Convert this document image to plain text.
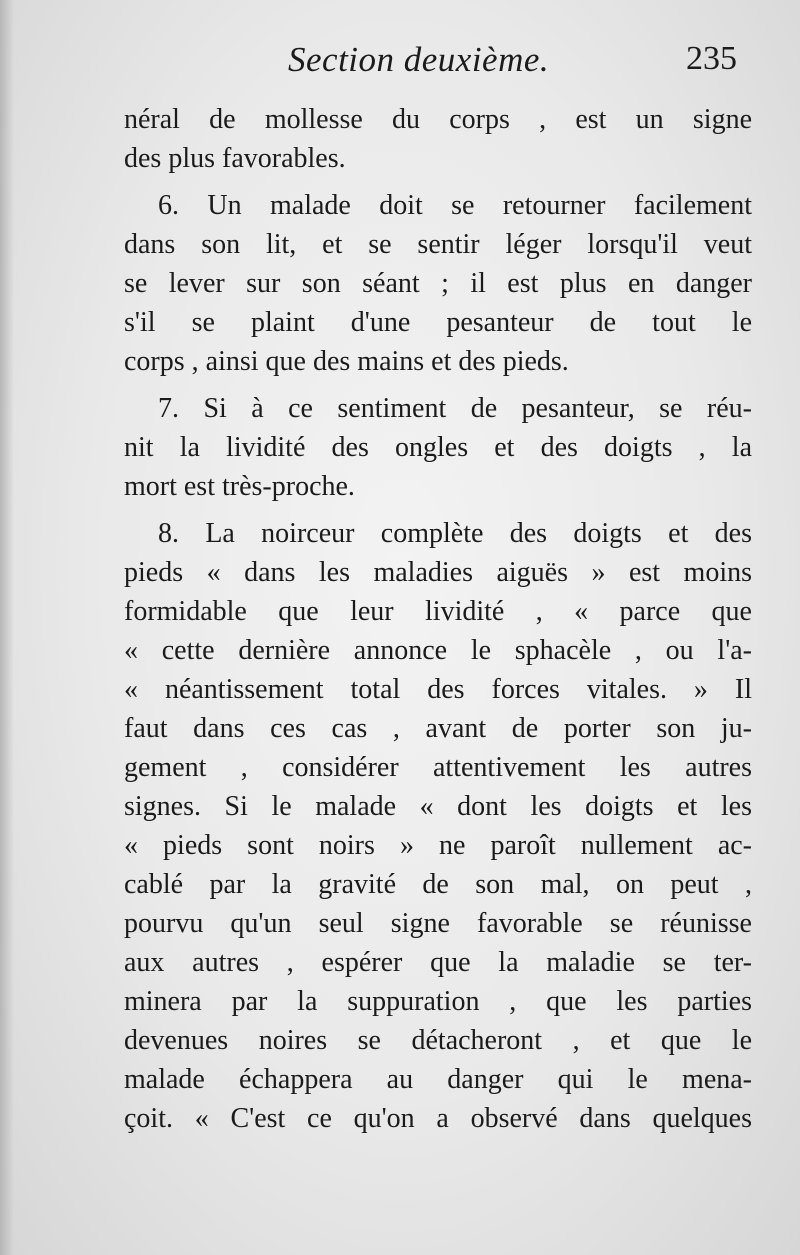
Section deuxième.	235
néral de mollesse du corps , est un signe
des plus favorables.
6. Un malade doit se retourner facilement
dans son lit, et se sentir léger lorsqu'il veut
se lever sur son séant ; il est plus en danger
s'il se plaint d'une pesanteur de tout le
corps , ainsi que des mains et des pieds.
7. Si à ce sentiment de pesanteur, se réu-
nit la lividité des ongles et des doigts , la
mort est très-proche.
8. La noirceur complète des doigts et des
pieds « dans les maladies aiguës » est moins
formidable que leur lividité , « parce que
« cette dernière annonce le sphacèle , ou l'a-
« néantissement total des forces vitales. » Il
faut dans ces cas , avant de porter son ju-
gement , considérer attentivement les autres
signes. Si le malade « dont les doigts et les
« pieds sont noirs » ne paroît nullement ac-
cablé par la gravité de son mal, on peut ,
pourvu qu'un seul signe favorable se réunisse
aux autres , espérer que la maladie se ter-
minera par la suppuration , que les parties
devenues noires se détacheront , et que le
malade échappera au danger qui le mena-
çoit. « C'est ce qu'on a observé dans quelques
